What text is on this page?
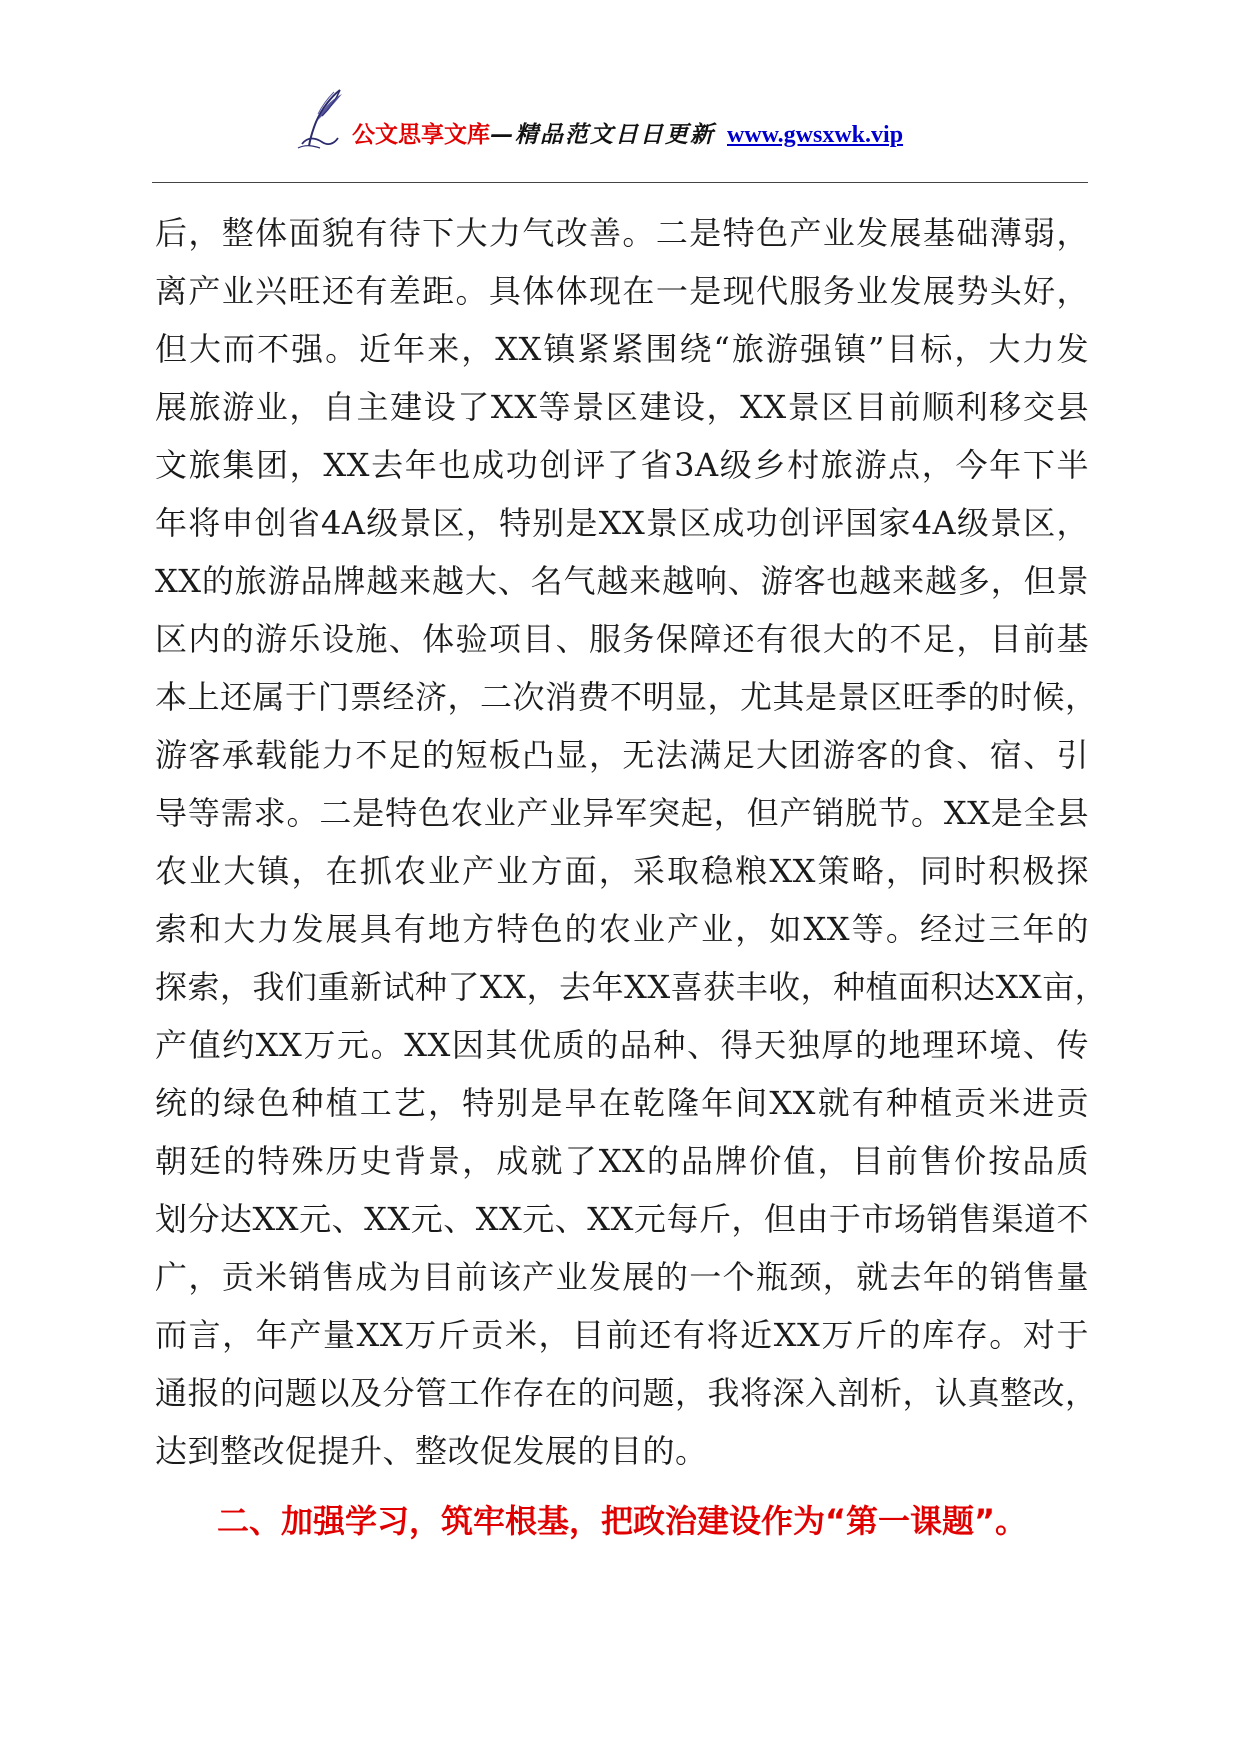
公文思享文库—精品范文日日更新 www.gwsxwk.vip
后，整体面貌有待下大力气改善。二是特色产业发展基础薄弱，
离产业兴旺还有差距。具体体现在一是现代服务业发展势头好，
但大而不强。近年来，XX镇紧紧围绕“旅游强镇”目标，大力发
展旅游业，自主建设了XX等景区建设，XX景区目前顺利移交县
文旅集团，XX去年也成功创评了省3A级乡村旅游点，今年下半
年将申创省4A级景区，特别是XX景区成功创评国家4A级景区，
XX的旅游品牌越来越大、名气越来越响、游客也越来越多，但景
区内的游乐设施、体验项目、服务保障还有很大的不足，目前基
本上还属于门票经济，二次消费不明显，尤其是景区旺季的时候，
游客承载能力不足的短板凸显，无法满足大团游客的食、宿、引
导等需求。二是特色农业产业异军突起，但产销脱节。XX是全县
农业大镇，在抓农业产业方面，采取稳粮XX策略，同时积极探
索和大力发展具有地方特色的农业产业，如XX等。经过三年的
探索，我们重新试种了XX，去年XX喜获丰收，种植面积达XX亩，
产值约XX万元。XX因其优质的品种、得天独厚的地理环境、传
统的绿色种植工艺，特别是早在乾隆年间XX就有种植贡米进贡
朝廷的特殊历史背景，成就了XX的品牌价值，目前售价按品质
划分达XX元、XX元、XX元、XX元每斤，但由于市场销售渠道不
广，贡米销售成为目前该产业发展的一个瓶颈，就去年的销售量
而言，年产量XX万斤贡米，目前还有将近XX万斤的库存。对于
通报的问题以及分管工作存在的问题，我将深入剖析，认真整改，
达到整改促提升、整改促发展的目的。
二、加强学习，筑牢根基，把政治建设作为“第一课题”。
